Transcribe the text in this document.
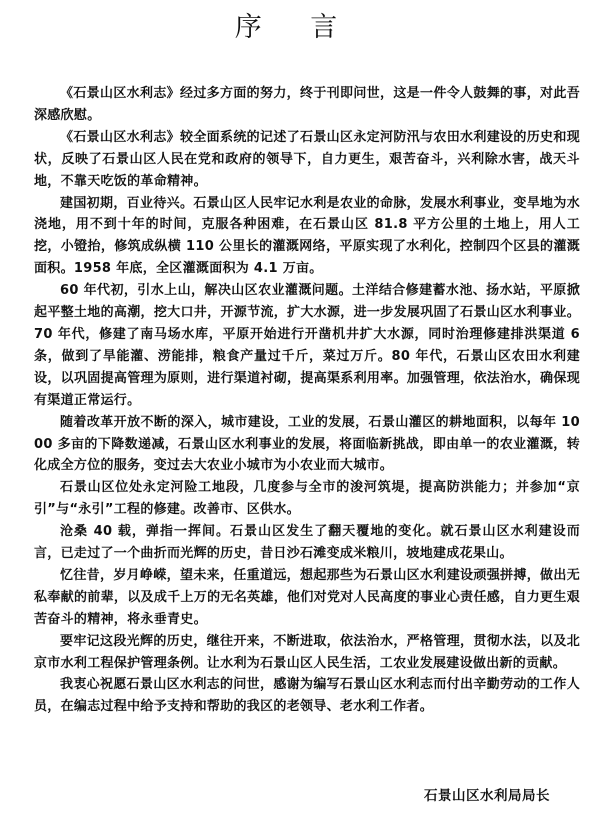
序 言

《石景山区水利志》经过多方面的努力，终于刊即问世，这是一件令人鼓舞的事，对此吾深感欣慰。

《石景山区水利志》较全面系统的记述了石景山区永定河防汛与农田水利建设的历史和现状，反映了石景山区人民在党和政府的领导下，自力更生，艰苦奋斗，兴利除水害，战天斗地，不靠天吃饭的革命精神。

建国初期，百业待兴。石景山区人民牢记水利是农业的命脉，发展水利事业，变旱地为水浇地，用不到十年的时间，克服各种困难，在石景山区 81.8 平方公里的土地上，用人工挖，小镫抬，修筑成纵横 110 公里长的灌溉网络，平原实现了水利化，控制四个区县的灌溉面积。1958 年底，全区灌溉面积为 4.1 万亩。

60 年代初，引水上山，解决山区农业灌溉问题。土洋结合修建蓄水池、扬水站，平原掀起平整土地的高潮，挖大口井，开源节流，扩大水源，进一步发展巩固了石景山区水利事业。70 年代，修建了南马场水库，平原开始进行开凿机井扩大水源，同时治理修建排洪渠道 6 条，做到了旱能灌、涝能排，粮食产量过千斤，菜过万斤。80 年代，石景山区农田水利建设，以巩固提高管理为原则，进行渠道衬砌，提高渠系利用率。加强管理，依法治水，确保现有渠道正常运行。

随着改革开放不断的深入，城市建设，工业的发展，石景山灌区的耕地面积，以每年 1000 多亩的下降数递减，石景山区水利事业的发展，将面临新挑战，即由单一的农业灌溉，转化成全方位的服务，变过去大农业小城市为小农业而大城市。

石景山区位处永定河险工地段，几度参与全市的浚河筑堤，提高防洪能力；并参加“京引”与“永引”工程的修建。改善市、区供水。

沧桑 40 载，弹指一挥间。石景山区发生了翻天覆地的变化。就石景山区水利建设而言，已走过了一个曲折而光辉的历史，昔日沙石滩变成米粮川，坡地建成花果山。

忆往昔，岁月峥嵘，望未来，任重道远，想起那些为石景山区水利建设顽强拼搏，做出无私奉献的前辈，以及成千上万的无名英雄，他们对党对人民高度的事业心责任感，自力更生艰苦奋斗的精神，将永垂青史。

要牢记这段光辉的历史，继往开来，不断进取，依法治水，严格管理，贯彻水法，以及北京市水利工程保护管理条例。让水利为石景山区人民生活，工农业发展建设做出新的贡献。

我衷心祝愿石景山区水利志的问世，感谢为编写石景山区水利志而付出辛勤劳动的工作人员，在编志过程中给予支持和帮助的我区的老领导、老水利工作者。

石景山区水利局局长
